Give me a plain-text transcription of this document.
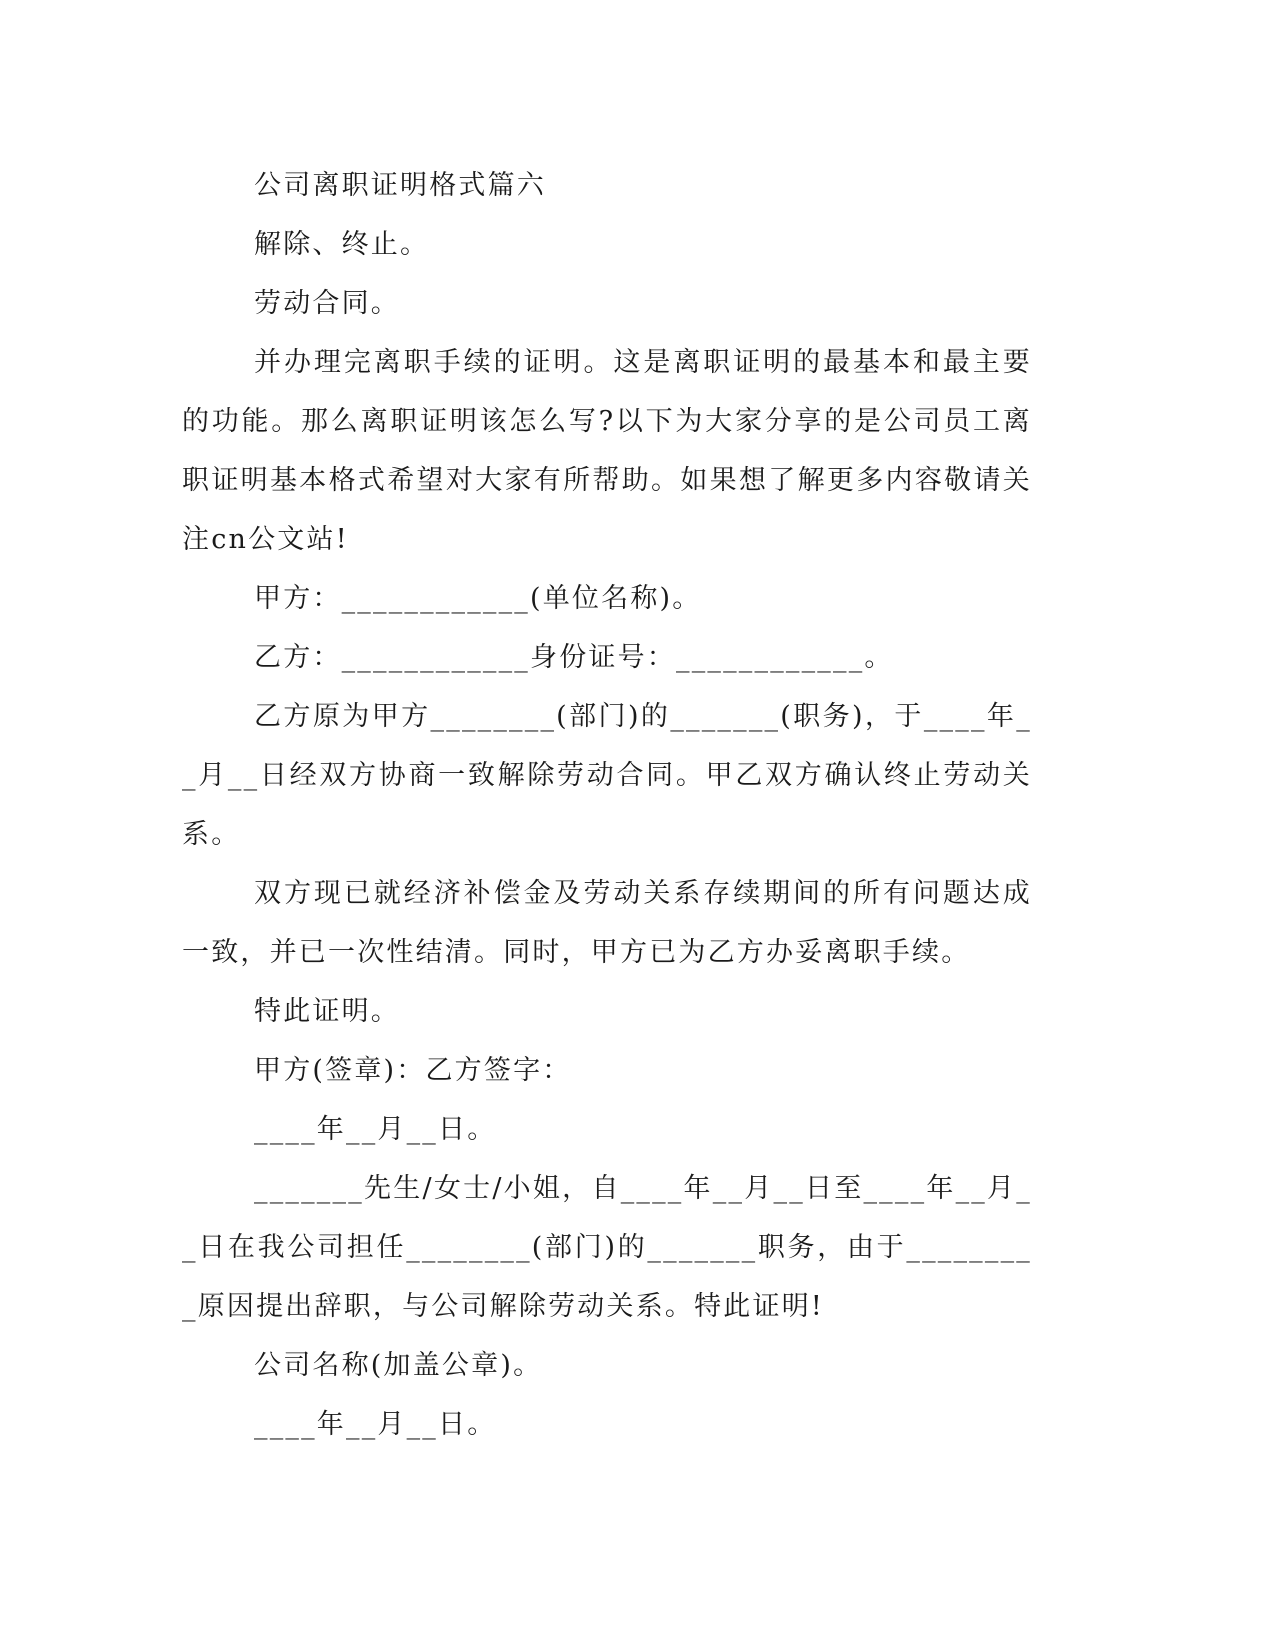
公司离职证明格式篇六

解除、终止。

劳动合同。

并办理完离职手续的证明。这是离职证明的最基本和最主要的功能。那么离职证明该怎么写?以下为大家分享的是公司员工离职证明基本格式希望对大家有所帮助。如果想了解更多内容敬请关注cn公文站!

甲方：____________(单位名称)。

乙方：____________身份证号：____________。

乙方原为甲方________(部门)的_______(职务)，于____年__月__日经双方协商一致解除劳动合同。甲乙双方确认终止劳动关系。

双方现已就经济补偿金及劳动关系存续期间的所有问题达成一致，并已一次性结清。同时，甲方已为乙方办妥离职手续。

特此证明。

甲方(签章)：乙方签字：

____年__月__日。

_______先生/女士/小姐，自____年__月__日至____年__月__日在我公司担任________(部门)的_______职务，由于_________原因提出辞职，与公司解除劳动关系。特此证明!

公司名称(加盖公章)。

____年__月__日。
